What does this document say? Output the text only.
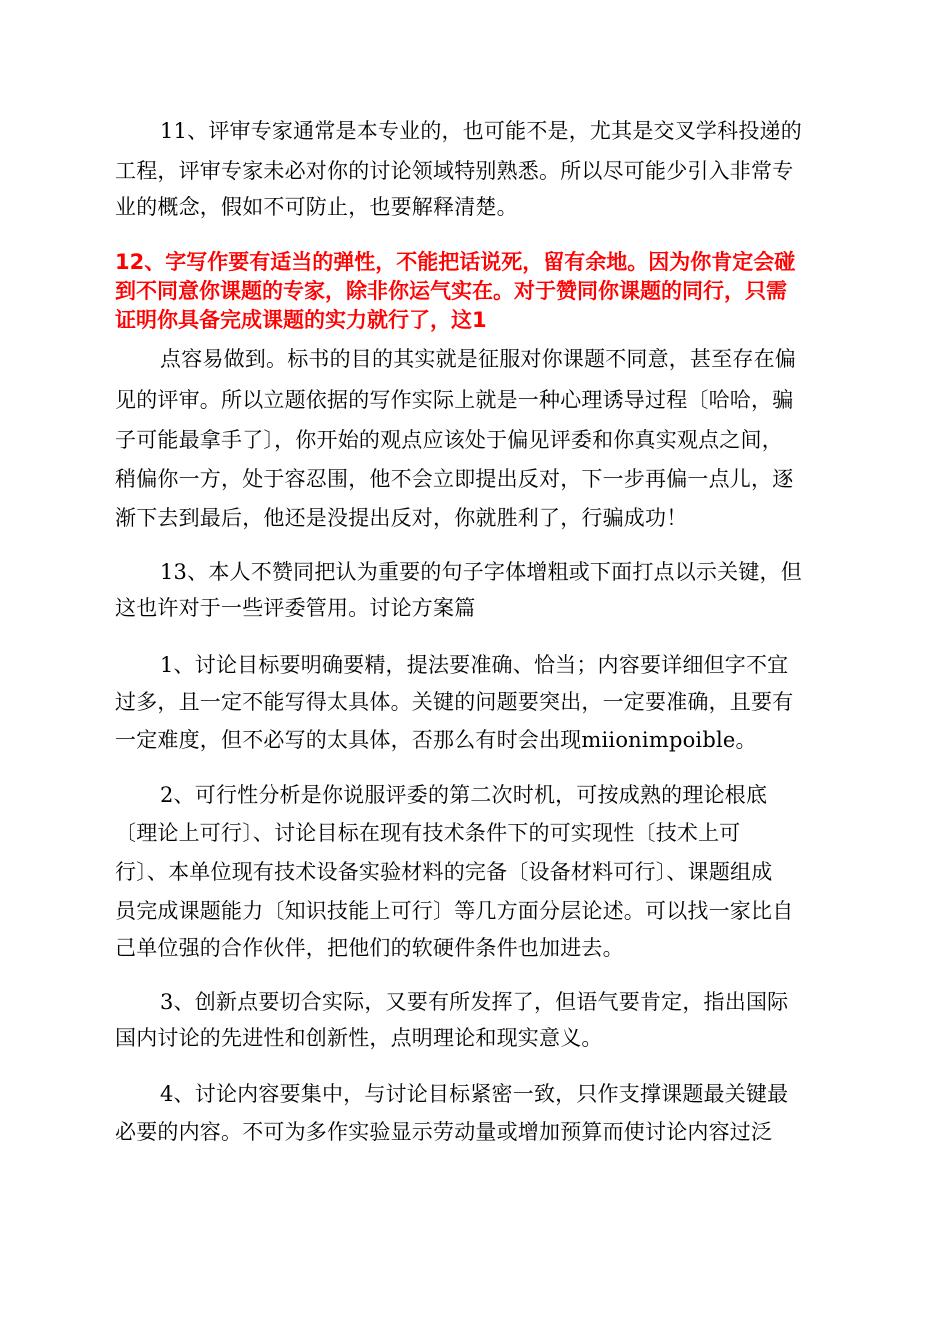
11、评审专家通常是本专业的，也可能不是，尤其是交叉学科投递的
工程，评审专家未必对你的讨论领域特别熟悉。所以尽可能少引入非常专
业的概念，假如不可防止，也要解释清楚。
12、字写作要有适当的弹性，不能把话说死，留有余地。因为你肯定会碰
到不同意你课题的专家，除非你运气实在。对于赞同你课题的同行，只需
证明你具备完成课题的实力就行了，这1
点容易做到。标书的目的其实就是征服对你课题不同意，甚至存在偏
见的评审。所以立题依据的写作实际上就是一种心理诱导过程〔哈哈，骗
子可能最拿手了〕，你开始的观点应该处于偏见评委和你真实观点之间，
稍偏你一方，处于容忍围，他不会立即提出反对，下一步再偏一点儿，逐
渐下去到最后，他还是没提出反对，你就胜利了，行骗成功！
13、本人不赞同把认为重要的句子字体增粗或下面打点以示关键，但
这也许对于一些评委管用。讨论方案篇
1、讨论目标要明确要精，提法要准确、恰当；内容要详细但字不宜
过多，且一定不能写得太具体。关键的问题要突出，一定要准确，且要有
一定难度，但不必写的太具体，否那么有时会出现miionimpoible。
2、可行性分析是你说服评委的第二次时机，可按成熟的理论根底
〔理论上可行〕、讨论目标在现有技术条件下的可实现性〔技术上可
行〕、本单位现有技术设备实验材料的完备〔设备材料可行〕、课题组成
员完成课题能力〔知识技能上可行〕等几方面分层论述。可以找一家比自
己单位强的合作伙伴，把他们的软硬件条件也加进去。
3、创新点要切合实际，又要有所发挥了，但语气要肯定，指出国际
国内讨论的先进性和创新性，点明理论和现实意义。
4、讨论内容要集中，与讨论目标紧密一致，只作支撑课题最关键最
必要的内容。不可为多作实验显示劳动量或增加预算而使讨论内容过泛
